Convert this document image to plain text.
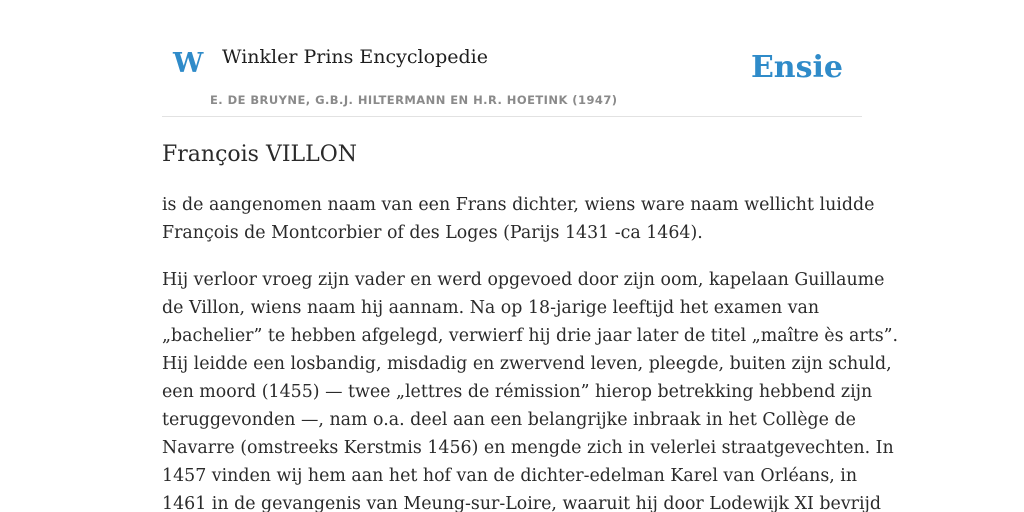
W Winkler Prins Encyclopedie
E. DE BRUYNE, G.B.J. HILTERMANN EN H.R. HOETINK (1947)
Ensie
François VILLON

is de aangenomen naam van een Frans dichter, wiens ware naam wellicht luidde
François de Montcorbier of des Loges (Parijs 1431 -ca 1464).

Hij verloor vroeg zijn vader en werd opgevoed door zijn oom, kapelaan Guillaume
de Villon, wiens naam hij aannam. Na op 18-jarige leeftijd het examen van
„bachelier” te hebben afgelegd, verwierf hij drie jaar later de titel „maître ès arts”.
Hij leidde een losbandig, misdadig en zwervend leven, pleegde, buiten zijn schuld,
een moord (1455) — twee „lettres de rémission” hierop betrekking hebbend zijn
teruggevonden —, nam o.a. deel aan een belangrijke inbraak in het Collège de
Navarre (omstreeks Kerstmis 1456) en mengde zich in velerlei straatgevechten. In
1457 vinden wij hem aan het hof van de dichter-edelman Karel van Orléans, in
1461 in de gevangenis van Meung-sur-Loire, waaruit hij door Lodewijk XI bevrijd
